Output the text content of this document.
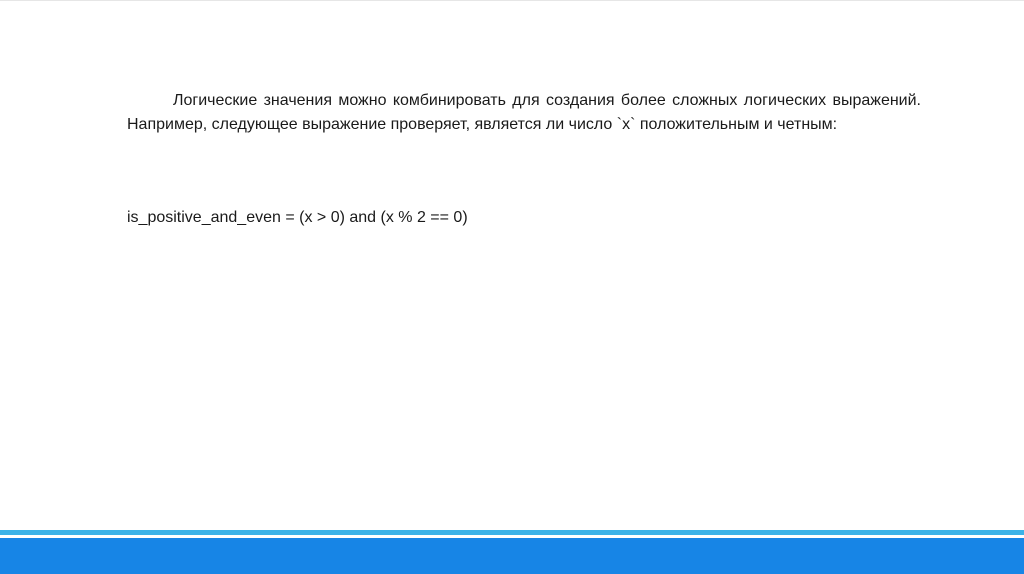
Логические значения можно комбинировать для создания более сложных логических выражений. Например, следующее выражение проверяет, является ли число `x` положительным и четным:

is_positive_and_even = (x > 0) and (x % 2 == 0)
